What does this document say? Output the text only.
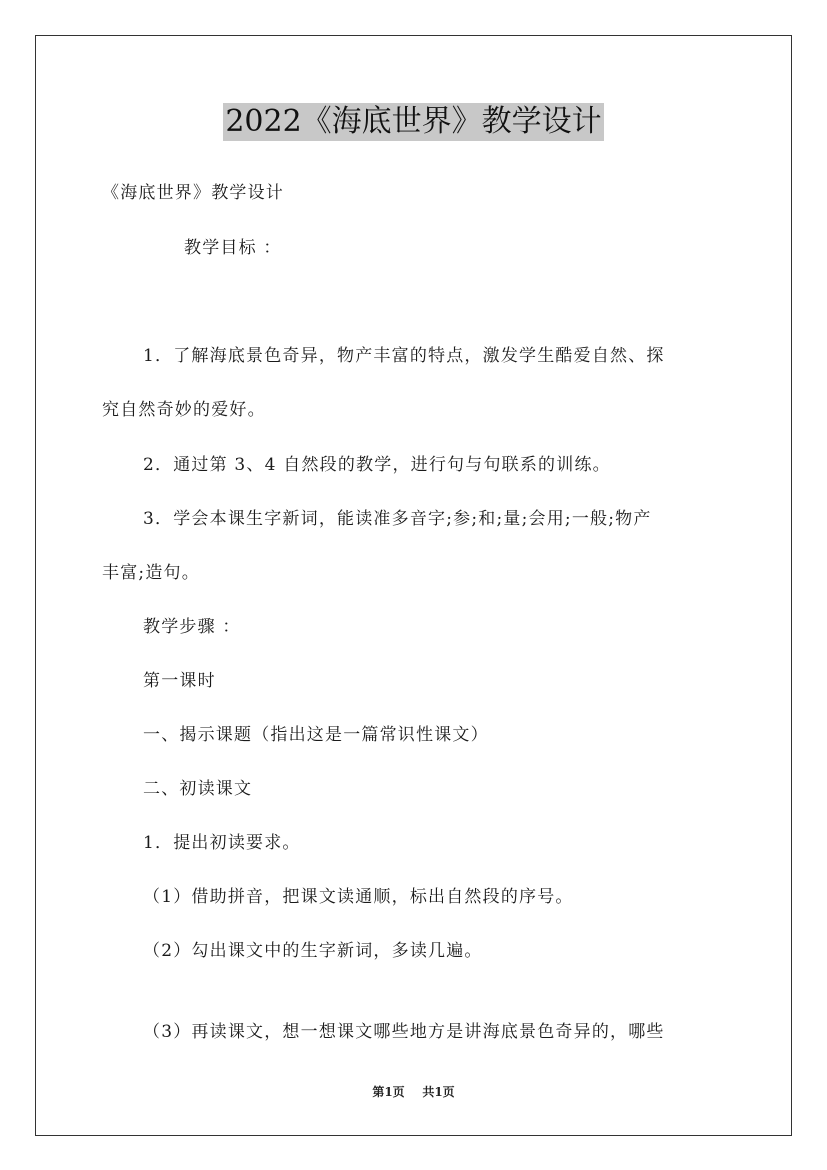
2022《海底世界》教学设计
《海底世界》教学设计
教学目标 ：
1．了解海底景色奇异，物产丰富的特点，激发学生酷爱自然、探
究自然奇妙的爱好。
2．通过第 3、4 自然段的教学，进行句与句联系的训练。
3．学会本课生字新词，能读准多音字;参;和;量;会用;一般;物产
丰富;造句。
教学步骤 ：
第一课时
一、揭示课题（指出这是一篇常识性课文）
二、初读课文
1．提出初读要求。
（1）借助拼音，把课文读通顺，标出自然段的序号。
（2）勾出课文中的生字新词，多读几遍。
（3）再读课文，想一想课文哪些地方是讲海底景色奇异的，哪些
第1页 共1页
